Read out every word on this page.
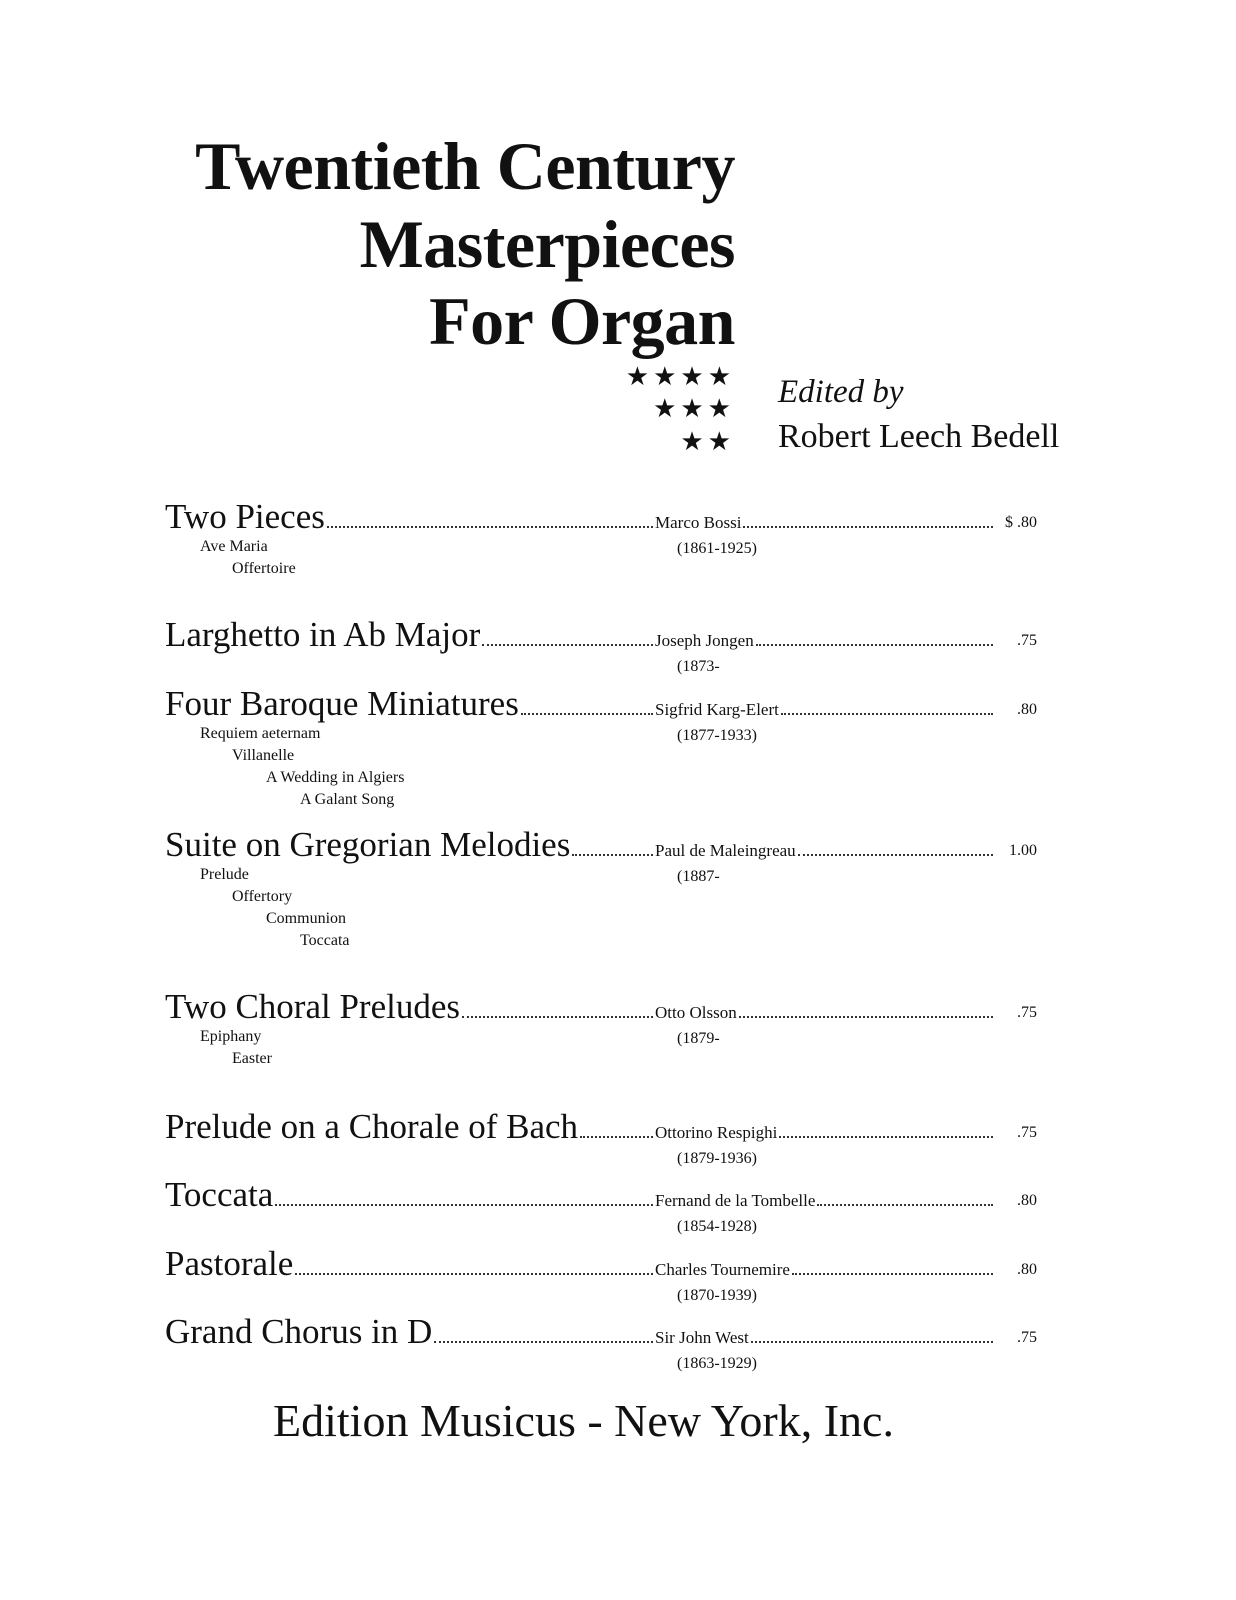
Twentieth Century
Masterpieces
For Organ
★★★★
★★★
★★
Edited by
Robert Leech Bedell
Two Pieces	Marco Bossi	$ .80
(1861-1925)
Ave Maria
Offertoire
Larghetto in Ab Major	Joseph Jongen	.75
(1873-
Four Baroque Miniatures	Sigfrid Karg-Elert	.80
(1877-1933)
Requiem aeternam
Villanelle
A Wedding in Algiers
A Galant Song
Suite on Gregorian Melodies	Paul de Maleingreau	1.00
(1887-
Prelude
Offertory
Communion
Toccata
Two Choral Preludes	Otto Olsson	.75
(1879-
Epiphany
Easter
Prelude on a Chorale of Bach	Ottorino Respighi	.75
(1879-1936)
Toccata	Fernand de la Tombelle	.80
(1854-1928)
Pastorale	Charles Tournemire	.80
(1870-1939)
Grand Chorus in D	Sir John West	.75
(1863-1929)
Edition Musicus - New York, Inc.
